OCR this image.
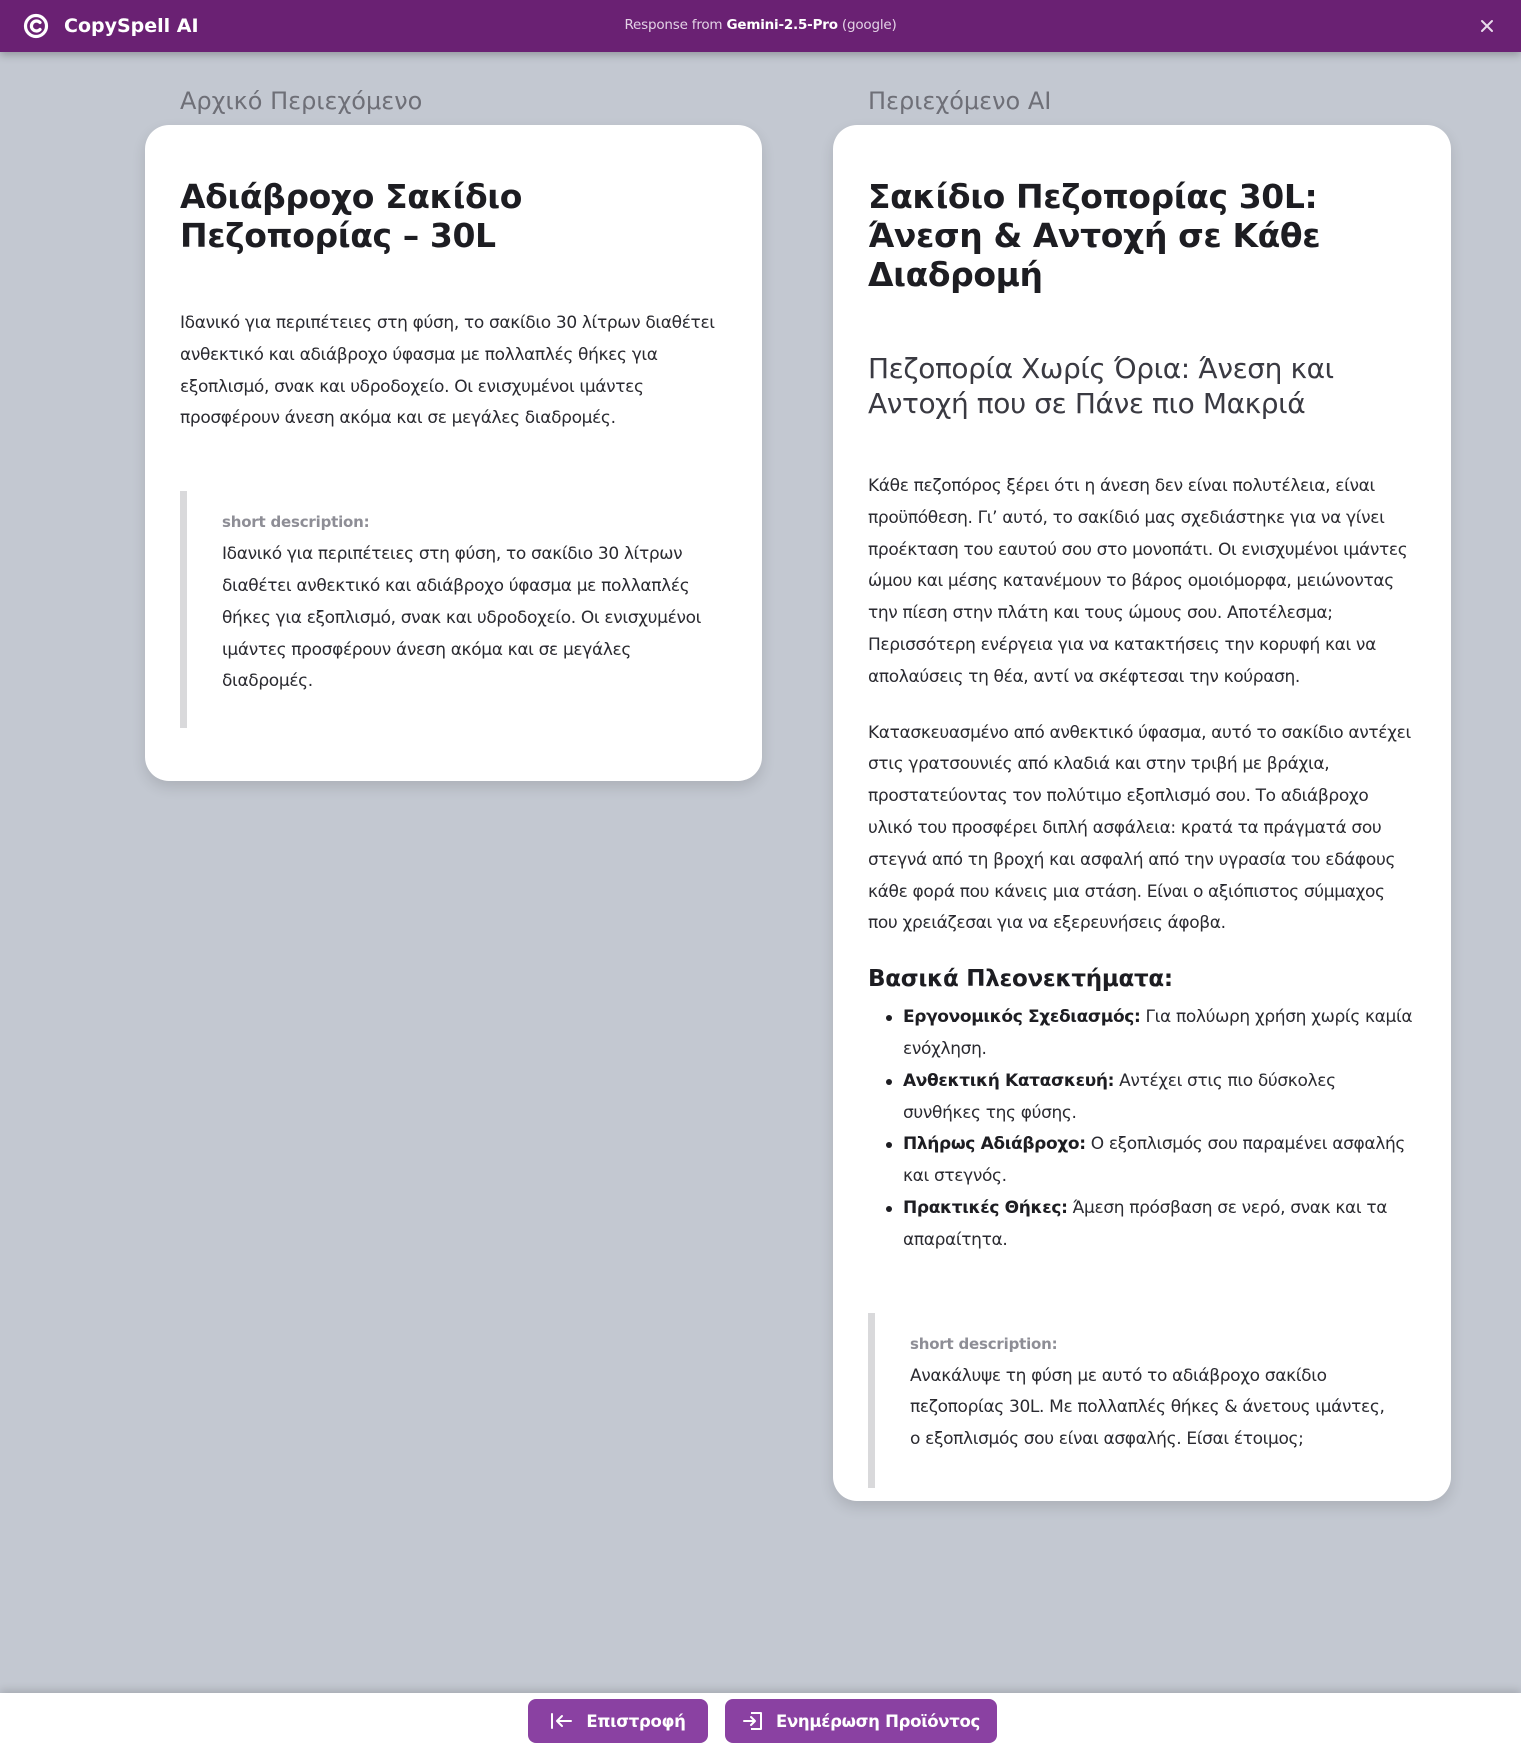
CopySpell AI	Response from Gemini-2.5-Pro (google)
Αρχικό Περιεχόμενο	Περιεχόμενο AI
Αδιάβροχο Σακίδιο Πεζοπορίας – 30L

Ιδανικό για περιπέτειες στη φύση, το σακίδιο 30 λίτρων διαθέτει ανθεκτικό και αδιάβροχο ύφασμα με πολλαπλές θήκες για εξοπλισμό, σνακ και υδροδοχείο. Οι ενισχυμένοι ιμάντες προσφέρουν άνεση ακόμα και σε μεγάλες διαδρομές.

short description:
Ιδανικό για περιπέτειες στη φύση, το σακίδιο 30 λίτρων διαθέτει ανθεκτικό και αδιάβροχο ύφασμα με πολλαπλές θήκες για εξοπλισμό, σνακ και υδροδοχείο. Οι ενισχυμένοι ιμάντες προσφέρουν άνεση ακόμα και σε μεγάλες διαδρομές.
Σακίδιο Πεζοπορίας 30L: Άνεση & Αντοχή σε Κάθε Διαδρομή
Πεζοπορία Χωρίς Όρια: Άνεση και Αντοχή που σε Πάνε πιο Μακριά

Κάθε πεζοπόρος ξέρει ότι η άνεση δεν είναι πολυτέλεια, είναι προϋπόθεση. Γι’ αυτό, το σακίδιό μας σχεδιάστηκε για να γίνει προέκταση του εαυτού σου στο μονοπάτι. Οι ενισχυμένοι ιμάντες ώμου και μέσης κατανέμουν το βάρος ομοιόμορφα, μειώνοντας την πίεση στην πλάτη και τους ώμους σου. Αποτέλεσμα; Περισσότερη ενέργεια για να κατακτήσεις την κορυφή και να απολαύσεις τη θέα, αντί να σκέφτεσαι την κούραση.

Κατασκευασμένο από ανθεκτικό ύφασμα, αυτό το σακίδιο αντέχει στις γρατσουνιές από κλαδιά και στην τριβή με βράχια, προστατεύοντας τον πολύτιμο εξοπλισμό σου. Το αδιάβροχο υλικό του προσφέρει διπλή ασφάλεια: κρατά τα πράγματά σου στεγνά από τη βροχή και ασφαλή από την υγρασία του εδάφους κάθε φορά που κάνεις μια στάση. Είναι ο αξιόπιστος σύμμαχος που χρειάζεσαι για να εξερευνήσεις άφοβα.

Βασικά Πλεονεκτήματα:
Εργονομικός Σχεδιασμός: Για πολύωρη χρήση χωρίς καμία ενόχληση.
Ανθεκτική Κατασκευή: Αντέχει στις πιο δύσκολες συνθήκες της φύσης.
Πλήρως Αδιάβροχο: Ο εξοπλισμός σου παραμένει ασφαλής και στεγνός.
Πρακτικές Θήκες: Άμεση πρόσβαση σε νερό, σνακ και τα απαραίτητα.
short description:
Ανακάλυψε τη φύση με αυτό το αδιάβροχο σακίδιο πεζοπορίας 30L. Με πολλαπλές θήκες & άνετους ιμάντες, ο εξοπλισμός σου είναι ασφαλής. Είσαι έτοιμος;
Επιστροφή	Ενημέρωση Προϊόντος
